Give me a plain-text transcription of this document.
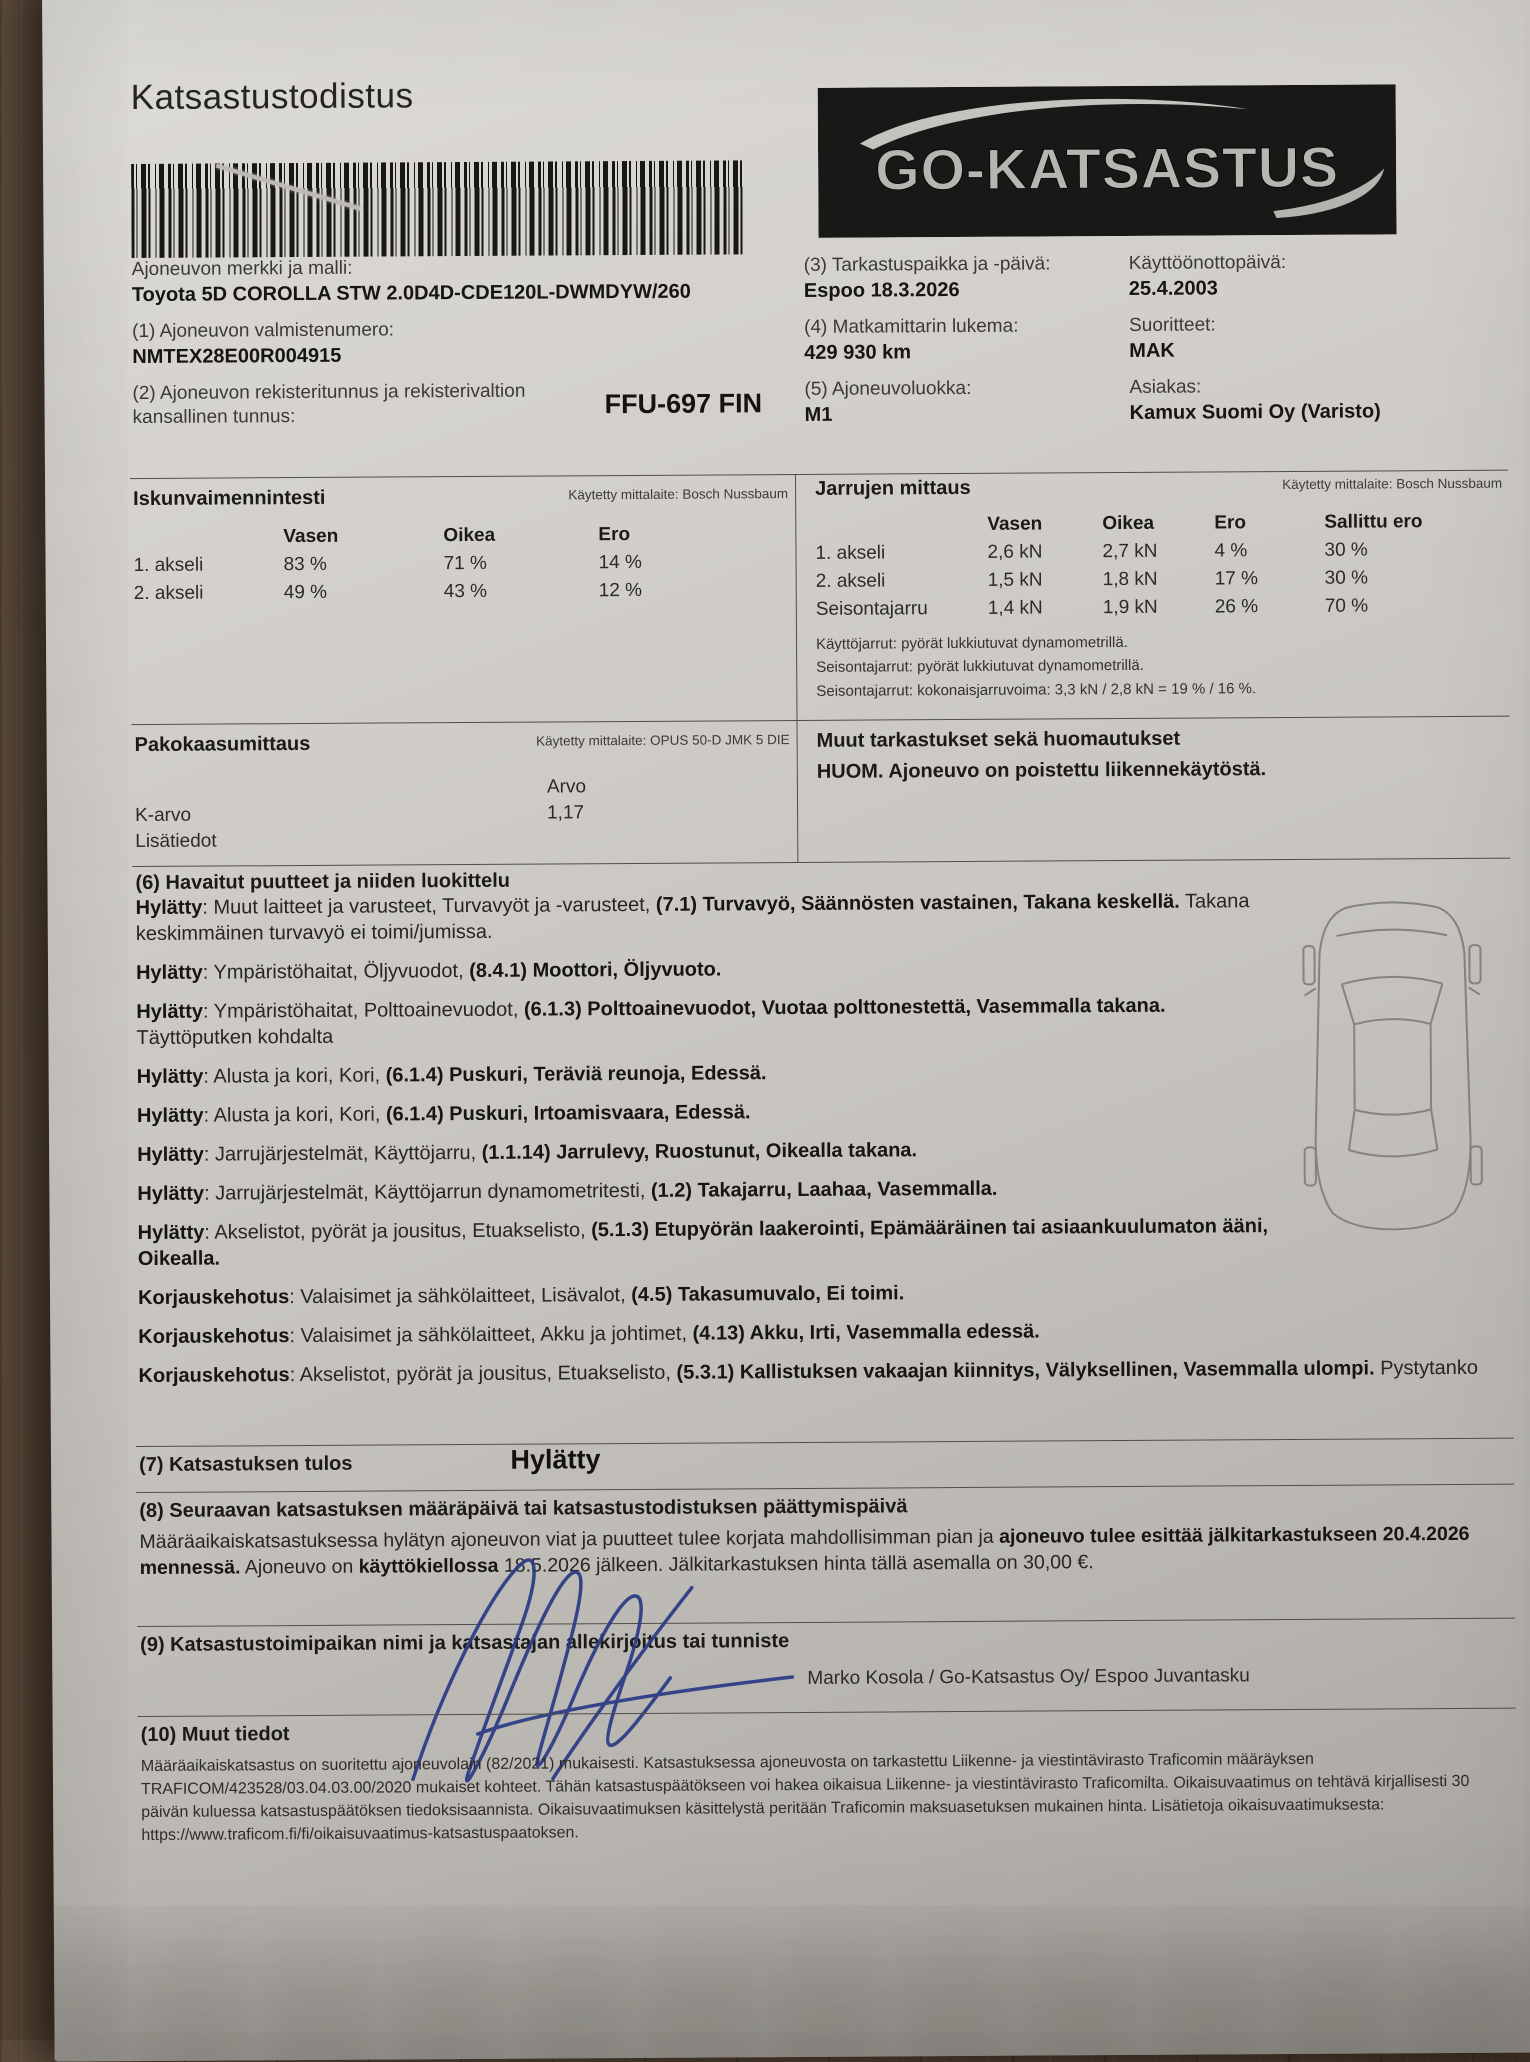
Katsastustodistus
GO-KATSASTUS
Ajoneuvon merkki ja malli:
Toyota 5D COROLLA STW 2.0D4D-CDE120L-DWMDYW/260
(3) Tarkastuspaikka ja -päivä:
Espoo 18.3.2026
Käyttöönottopäivä:
25.4.2003
(1) Ajoneuvon valmistenumero:
NMTEX28E00R004915
(4) Matkamittarin lukema:
429 930 km
Suoritteet:
MAK
(2) Ajoneuvon rekisteritunnus ja rekisterivaltion kansallinen tunnus:	FFU-697 FIN (5) Ajoneuvoluokka:
M1
Asiakas:
Kamux Suomi Oy (Varisto)
Iskunvaimennintesti	Käytetty mittalaite: Bosch Nussbaum
Vasen	Oikea	Ero
1. akseli	83 %	71 %	14 %
2. akseli	49 %	43 %	12 %
Jarrujen mittaus	Käytetty mittalaite: Bosch Nussbaum
Vasen	Oikea	Ero	Sallittu ero
1. akseli	2,6 kN	2,7 kN	4 %	30 %
2. akseli	1,5 kN	1,8 kN	17 %	30 %
Seisontajarru	1,4 kN	1,9 kN	26 %	70 %
Käyttöjarrut: pyörät lukkiutuvat dynamometrillä.
Seisontajarrut: pyörät lukkiutuvat dynamometrillä.
Seisontajarrut: kokonaisjarruvoima: 3,3 kN / 2,8 kN = 19 % / 16 %.
Pakokaasumittaus	Käytetty mittalaite: OPUS 50-D JMK 5 DIE
Arvo
K-arvo	1,17
Lisätiedot
Muut tarkastukset sekä huomautukset
HUOM. Ajoneuvo on poistettu liikennekäytöstä.
(6) Havaitut puutteet ja niiden luokittelu

Hylätty: Muut laitteet ja varusteet, Turvavyöt ja -varusteet, (7.1) Turvavyö, Säännösten vastainen, Takana keskellä. Takana keskimmäinen turvavyö ei toimi/jumissa.

Hylätty: Ympäristöhaitat, Öljyvuodot, (8.4.1) Moottori, Öljyvuoto.

Hylätty: Ympäristöhaitat, Polttoainevuodot, (6.1.3) Polttoainevuodot, Vuotaa polttonestettä, Vasemmalla takana. Täyttöputken kohdalta

Hylätty: Alusta ja kori, Kori, (6.1.4) Puskuri, Teräviä reunoja, Edessä.

Hylätty: Alusta ja kori, Kori, (6.1.4) Puskuri, Irtoamisvaara, Edessä.

Hylätty: Jarrujärjestelmät, Käyttöjarru, (1.1.14) Jarrulevy, Ruostunut, Oikealla takana.

Hylätty: Jarrujärjestelmät, Käyttöjarrun dynamometritesti, (1.2) Takajarru, Laahaa, Vasemmalla.

Hylätty: Akselistot, pyörät ja jousitus, Etuakselisto, (5.1.3) Etupyörän laakerointi, Epämääräinen tai asiaankuulumaton ääni, Oikealla.

Korjauskehotus: Valaisimet ja sähkölaitteet, Lisävalot, (4.5) Takasumuvalo, Ei toimi.

Korjauskehotus: Valaisimet ja sähkölaitteet, Akku ja johtimet, (4.13) Akku, Irti, Vasemmalla edessä.

Korjauskehotus: Akselistot, pyörät ja jousitus, Etuakselisto, (5.3.1) Kallistuksen vakaajan kiinnitys, Välyksellinen, Vasemmalla ulompi. Pystytanko

(7) Katsastuksen tulos	Hylätty
(8) Seuraavan katsastuksen määräpäivä tai katsastustodistuksen päättymispäivä

Määräaikaiskatsastuksessa hylätyn ajoneuvon viat ja puutteet tulee korjata mahdollisimman pian ja ajoneuvo tulee esittää jälkitarkastukseen 20.4.2026 mennessä. Ajoneuvo on käyttökiellossa 18.5.2026 jälkeen. Jälkitarkastuksen hinta tällä asemalla on 30,00 €.

(9) Katsastustoimipaikan nimi ja katsastajan allekirjoitus tai tunniste
Marko Kosola / Go-Katsastus Oy/ Espoo Juvantasku
(10) Muut tiedot
Määräaikaiskatsastus on suoritettu ajoneuvolain (82/2021) mukaisesti. Katsastuksessa ajoneuvosta on tarkastettu Liikenne- ja viestintävirasto Traficomin määräyksen TRAFICOM/423528/03.04.03.00/2020 mukaiset kohteet. Tähän katsastuspäätökseen voi hakea oikaisua Liikenne- ja viestintävirasto Traficomilta. Oikaisuvaatimus on tehtävä kirjallisesti 30 päivän kuluessa katsastuspäätöksen tiedoksisaannista. Oikaisuvaatimuksen käsittelystä peritään Traficomin maksuasetuksen mukainen hinta. Lisätietoja oikaisuvaatimuksesta: https://www.traficom.fi/fi/oikaisuvaatimus-katsastuspaatoksen.
